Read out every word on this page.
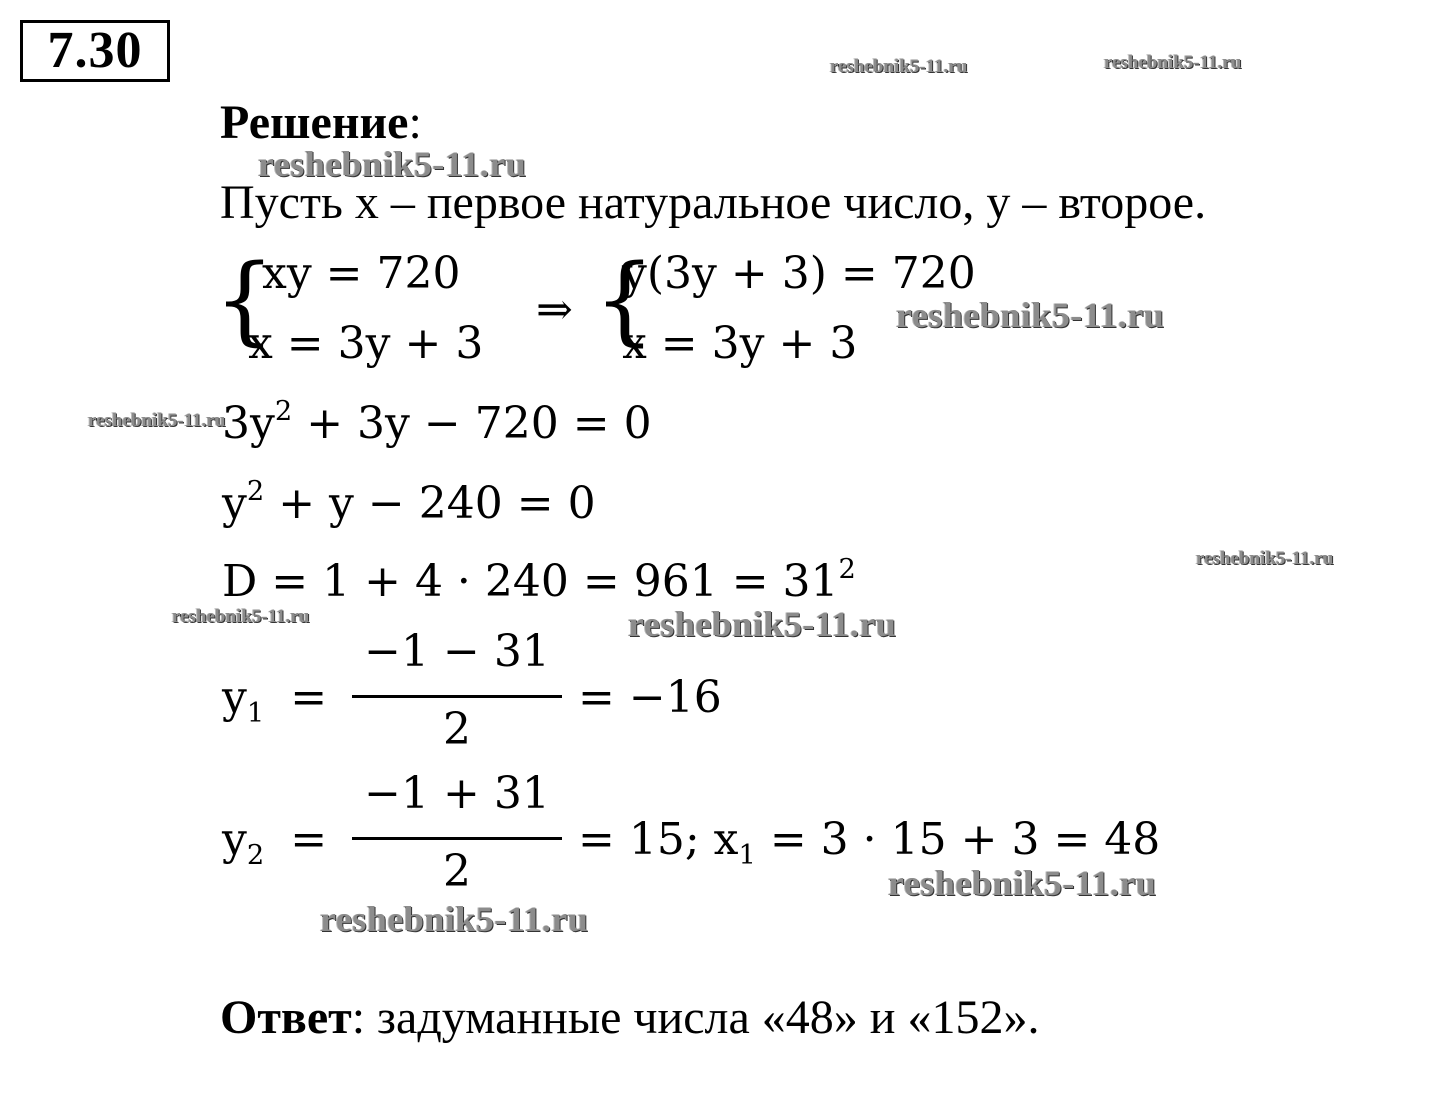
7.30
Решение:
Пусть x – первое натуральное число, y – второе.
{
xy = 720
x = 3y + 3
⇒ {
y(3y + 3) = 720
x = 3y + 3
$3y^2 + 3y - 720 = 0$
$y^2 + y - 240 = 0$
$D = 1 + 4 \cdot 240 = 961 = 31^2$
$y_1$ =
−1 − 31
2
= −16
$y_2$ =
−1 + 31
2
= 15; $x_1 = 3 \cdot 15 + 3 = 48$
Ответ: задуманные числа «48» и «152».
reshebnik5-11.ru	reshebnik5-11.ru
reshebnik5-11.ru
reshebnik5-11.ru
reshebnik5-11.ru
reshebnik5-11.ru
reshebnik5-11.ru	reshebnik5-11.ru
reshebnik5-11.ru
reshebnik5-11.ru
